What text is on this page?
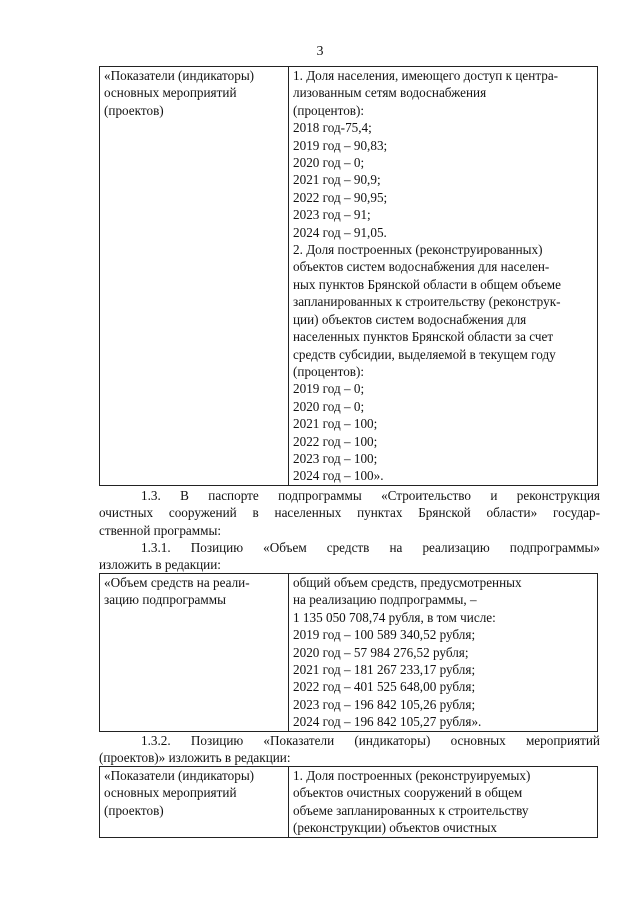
3
«Показатели (индикаторы)
основных мероприятий
(проектов)

1. Доля населения, имеющего доступ к центра-
лизованным сетям водоснабжения
(процентов):
2018 год-75,4;
2019 год – 90,83;
2020 год – 0;
2021 год – 90,9;
2022 год – 90,95;
2023 год – 91;
2024 год – 91,05.
2. Доля построенных (реконструированных)
объектов систем водоснабжения для населен-
ных пунктов Брянской области в общем объеме
запланированных к строительству (реконструк-
ции) объектов систем водоснабжения для
населенных пунктов Брянской области за счет
средств субсидии, выделяемой в текущем году
(процентов):
2019 год – 0;
2020 год – 0;
2021 год – 100;
2022 год – 100;
2023 год – 100;
2024 год – 100».
1.3. В паспорте подпрограммы «Строительство и реконструкция
очистных сооружений в населенных пунктах Брянской области» государ-
ственной программы:
1.3.1. Позицию «Объем средств на реализацию подпрограммы»
изложить в редакции:
«Объем средств на реали-
зацию подпрограммы

общий объем средств, предусмотренных
на реализацию подпрограммы, –
1 135 050 708,74 рубля, в том числе:
2019 год – 100 589 340,52 рубля;
2020 год – 57 984 276,52 рубля;
2021 год – 181 267 233,17 рубля;
2022 год – 401 525 648,00 рубля;
2023 год – 196 842 105,26 рубля;
2024 год – 196 842 105,27 рубля».
1.3.2. Позицию «Показатели (индикаторы) основных мероприятий
(проектов)» изложить в редакции:
«Показатели (индикаторы)
основных мероприятий
(проектов)

1. Доля построенных (реконструируемых)
объектов очистных сооружений в общем
объеме запланированных к строительству
(реконструкции) объектов очистных
